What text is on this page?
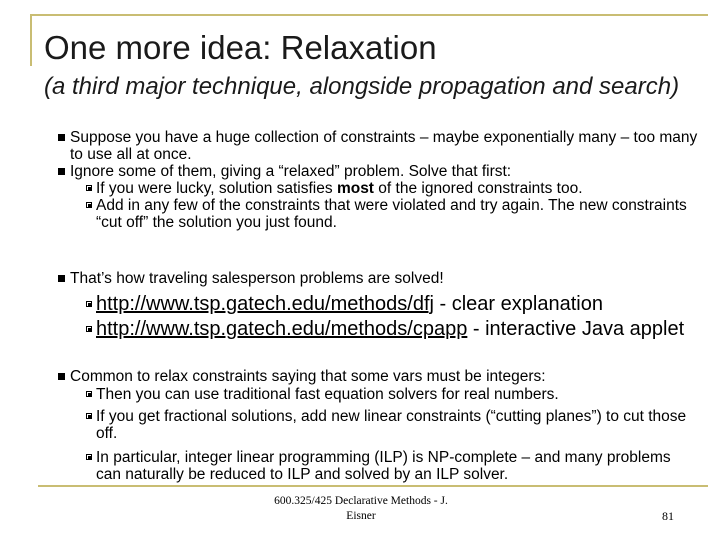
One more idea: Relaxation
(a third major technique, alongside propagation and search)
Suppose you have a huge collection of constraints – maybe exponentially many – too many to use all at once.
Ignore some of them, giving a “relaxed” problem. Solve that first:
If you were lucky, solution satisfies most of the ignored constraints too.
Add in any few of the constraints that were violated and try again. The new constraints “cut off” the solution you just found.
That’s how traveling salesperson problems are solved!
http://www.tsp.gatech.edu/methods/dfj - clear explanation
http://www.tsp.gatech.edu/methods/cpapp - interactive Java applet
Common to relax constraints saying that some vars must be integers:
Then you can use traditional fast equation solvers for real numbers.
If you get fractional solutions, add new linear constraints (“cutting planes”) to cut those off.
In particular, integer linear programming (ILP) is NP-complete – and many problems can naturally be reduced to ILP and solved by an ILP solver.
600.325/425 Declarative Methods - J. Eisner	81
